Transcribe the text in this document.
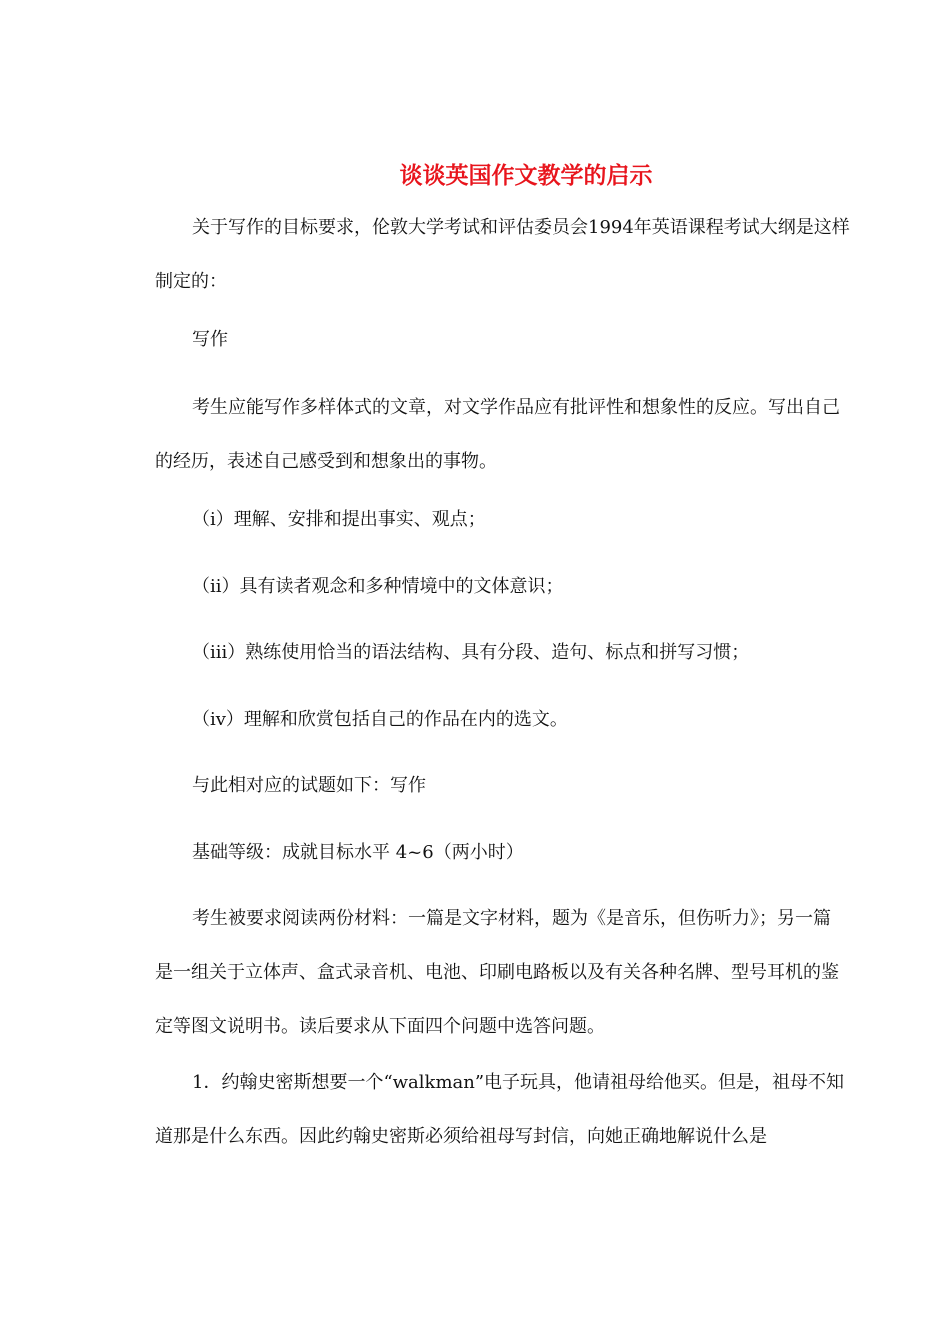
谈谈英国作文教学的启示
关于写作的目标要求，伦敦大学考试和评估委员会1994年英语课程考试大纲是这样
制定的：
写作
考生应能写作多样体式的文章，对文学作品应有批评性和想象性的反应。写出自己
的经历，表述自己感受到和想象出的事物。
（i）理解、安排和提出事实、观点；
（ii）具有读者观念和多种情境中的文体意识；
（iii）熟练使用恰当的语法结构、具有分段、造句、标点和拼写习惯；
（iv）理解和欣赏包括自己的作品在内的选文。
与此相对应的试题如下：写作
基础等级：成就目标水平 4~6（两小时）
考生被要求阅读两份材料：一篇是文字材料，题为《是音乐，但伤听力》；另一篇
是一组关于立体声、盒式录音机、电池、印刷电路板以及有关各种名牌、型号耳机的鉴
定等图文说明书。读后要求从下面四个问题中选答问题。
1．约翰史密斯想要一个“walkman”电子玩具，他请祖母给他买。但是，祖母不知
道那是什么东西。因此约翰史密斯必须给祖母写封信，向她正确地解说什么是
